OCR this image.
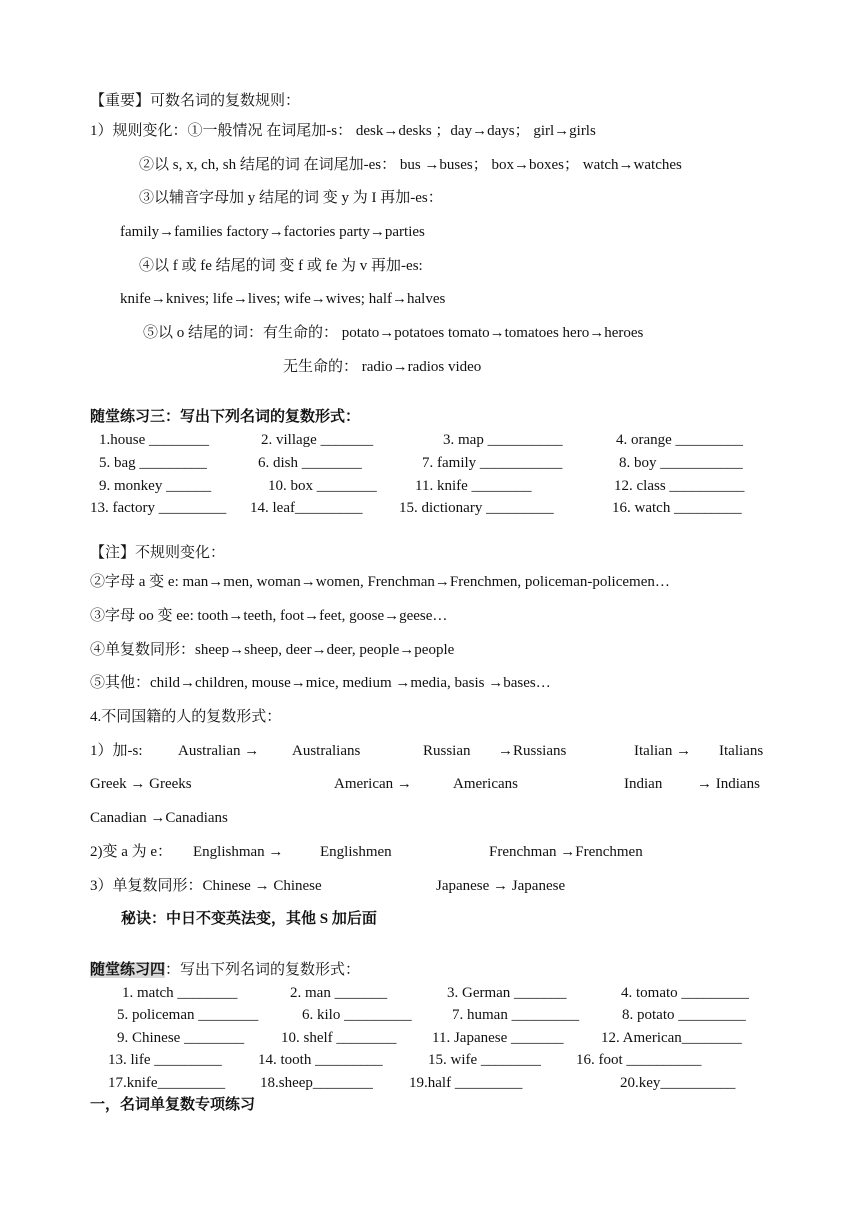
【重要】可数名词的复数规则：
1）规则变化：①一般情况 在词尾加-s： desk→desks ；day→days； girl→girls
②以 s, x, ch, sh 结尾的词 在词尾加-es： bus →buses； box→boxes； watch→watches
③以辅音字母加 y 结尾的词 变 y 为 I 再加-es：
family→families factory→factories party→parties
④以 f 或 fe 结尾的词 变 f 或 fe 为 v 再加-es:
knife→knives; life→lives; wife→wives; half→halves
⑤以 o 结尾的词：有生命的： potato→potatoes tomato→tomatoes hero→heroes
无生命的： radio→radios video
随堂练习三：写出下列名词的复数形式：
1.house ________	2. village _______	3. map __________	4. orange _________
5. bag _________	6. dish ________	7. family ___________	8. boy ___________
9. monkey ______	10. box ________	11. knife ________	12. class __________
13. factory _________ 14. leaf_________ 15. dictionary _________	16. watch _________
【注】不规则变化：
②字母 a 变 e: man→men, woman→women, Frenchman→Frenchmen, policeman-policemen…
③字母 oo 变 ee: tooth→teeth, foot→feet, goose→geese…
④单复数同形：sheep→sheep, deer→deer, people→people
⑤其他：child→children, mouse→mice, medium →media, basis →bases…
4.不同国籍的人的复数形式：
1）加-s: Australian → Australians	Russian →Russians	Italian → Italians
Greek → Greeks	American →	Americans	Indian → Indians
Canadian →Canadians
2)变 a 为 e： Englishman → Englishmen	Frenchman →Frenchmen
3）单复数同形：Chinese → Chinese	Japanese → Japanese
秘诀：中日不变英法变，其他 S 加后面
随堂练习四：写出下列名词的复数形式：
1. match ________	2. man _______	3. German _______	4. tomato _________
5. policeman ________	6. kilo _________	7. human _________	8. potato _________
9. Chinese ________ 10. shelf ________ 11. Japanese _______	12. American________
13. life _________ 14. tooth _________	15. wife ________ 16. foot __________
17.knife_________ 18.sheep________ 19.half _________	20.key__________
一，名词单复数专项练习
